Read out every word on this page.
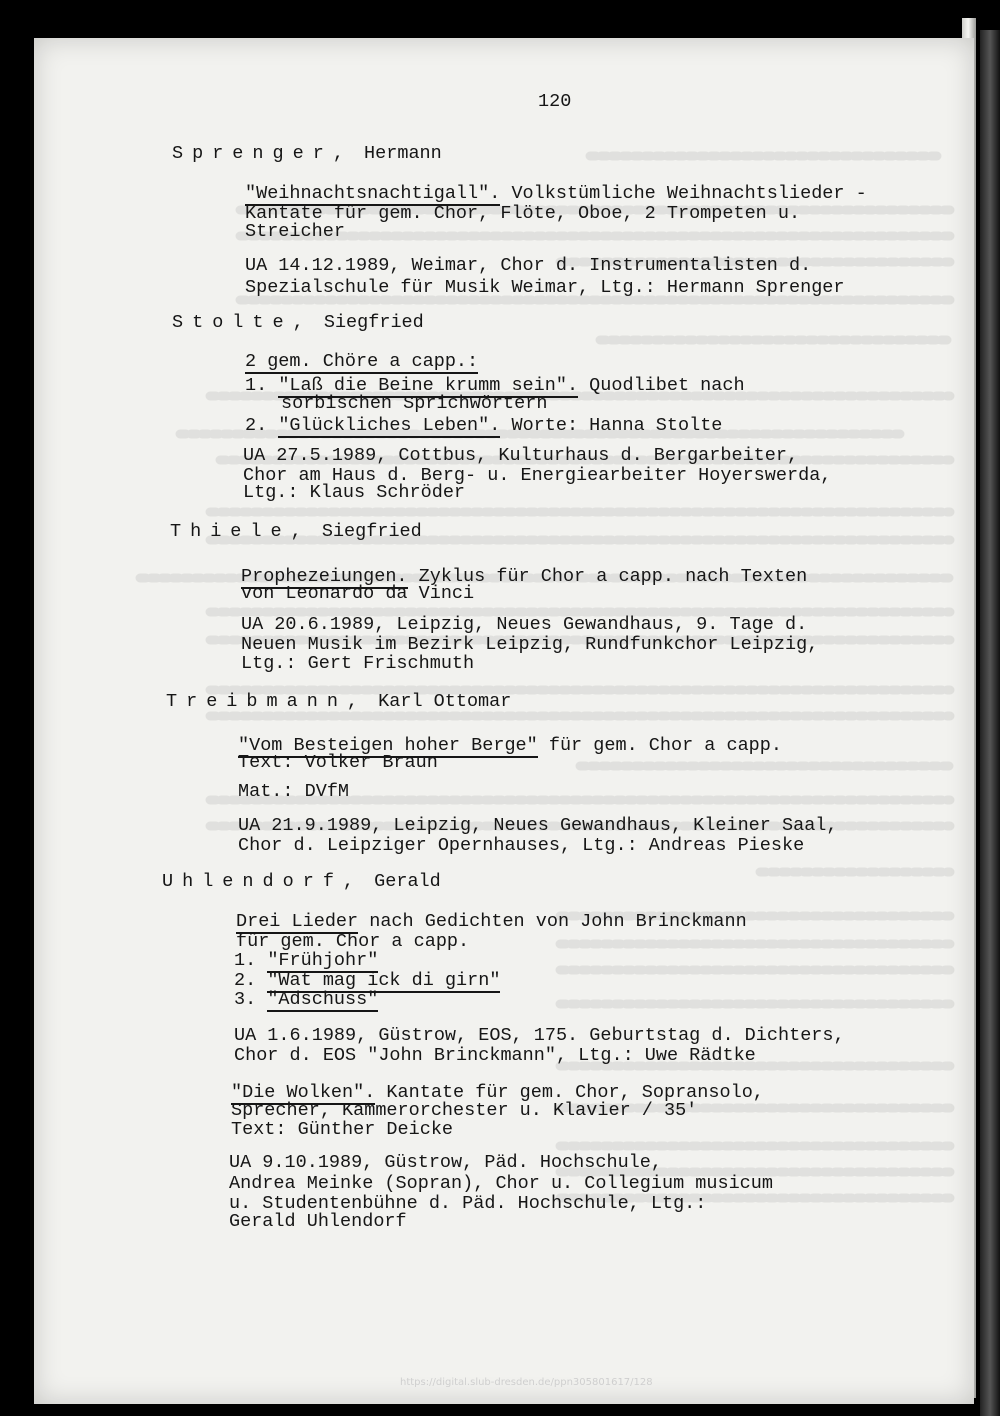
120
Sprenger, Hermann
"Weihnachtsnachtigall". Volkstümliche Weihnachtslieder -
Kantate für gem. Chor, Flöte, Oboe, 2 Trompeten u.
Streicher
UA 14.12.1989, Weimar, Chor d. Instrumentalisten d.
Spezialschule für Musik Weimar, Ltg.: Hermann Sprenger
Stolte, Siegfried
2 gem. Chöre a capp.:
1. "Laß die Beine krumm sein". Quodlibet nach
sorbischen Sprichwörtern
2. "Glückliches Leben". Worte: Hanna Stolte
UA 27.5.1989, Cottbus, Kulturhaus d. Bergarbeiter,
Chor am Haus d. Berg- u. Energiearbeiter Hoyerswerda,
Ltg.: Klaus Schröder
Thiele, Siegfried
Prophezeiungen. Zyklus für Chor a capp. nach Texten
von Leonardo da Vinci
UA 20.6.1989, Leipzig, Neues Gewandhaus, 9. Tage d.
Neuen Musik im Bezirk Leipzig, Rundfunkchor Leipzig,
Ltg.: Gert Frischmuth
Treibmann, Karl Ottomar
"Vom Besteigen hoher Berge" für gem. Chor a capp.
Text: Volker Braun
Mat.: DVfM
UA 21.9.1989, Leipzig, Neues Gewandhaus, Kleiner Saal,
Chor d. Leipziger Opernhauses, Ltg.: Andreas Pieske
Uhlendorf, Gerald
Drei Lieder nach Gedichten von John Brinckmann
für gem. Chor a capp.
1. "Frühjohr"
2. "Wat mag ick di girn"
3. "Adschüss"
UA 1.6.1989, Güstrow, EOS, 175. Geburtstag d. Dichters,
Chor d. EOS "John Brinckmann", Ltg.: Uwe Rädtke
"Die Wolken". Kantate für gem. Chor, Sopransolo,
Sprecher, Kammerorchester u. Klavier / 35'
Text: Günther Deicke
UA 9.10.1989, Güstrow, Päd. Hochschule,
Andrea Meinke (Sopran), Chor u. Collegium musicum
u. Studentenbühne d. Päd. Hochschule, Ltg.:
Gerald Uhlendorf
https://digital.slub-dresden.de/ppn305801617/128
